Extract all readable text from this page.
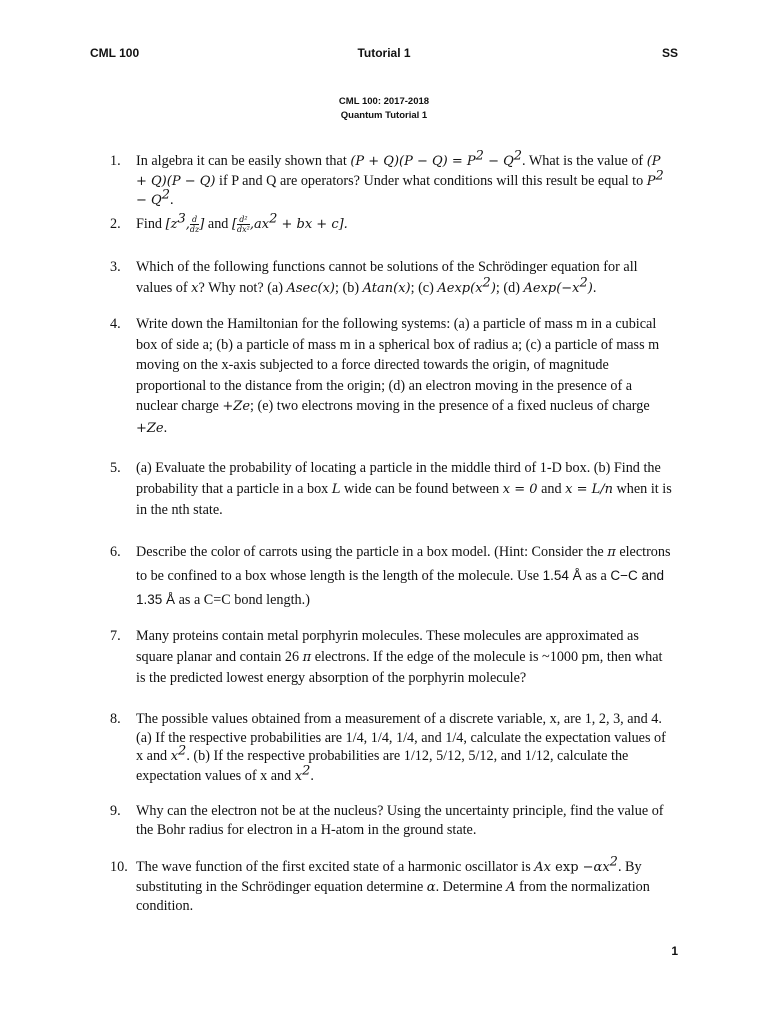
CML 100	Tutorial 1	SS
CML 100: 2017-2018
Quantum Tutorial 1
1. In algebra it can be easily shown that $(P + Q)(P - Q) = P^2 - Q^2$. What is the value of (P + Q)(P − Q) if P and Q are operators? Under what conditions will this result be equal to $P^2 - Q^2$.
2. Find [$z^3$, $\frac{d}{dz}$ ] and [ $\frac{\text{d²}}{\text{dx²}} ,ax^2$ + bx + c].
3. Which of the following functions cannot be solutions of the Schrödinger equation for all values of x? Why not? (a) Asec(x); (b) Atan(x); (c) $Aexp(x^2)$; (d) $Aexp(-x^2)$.
4. Write down the Hamiltonian for the following systems: (a) a particle of mass m in a cubical box of side a; (b) a particle of mass m in a spherical box of radius a; (c) a particle of mass m moving on the x-axis subjected to a force directed towards the origin, of magnitude proportional to the distance from the origin; (d) an electron moving in the presence of a nuclear charge +Ze; (e) two electrons moving in the presence of a fixed nucleus of charge +Ze.
5. (a) Evaluate the probability of locating a particle in the middle third of 1-D box. (b) Find the probability that a particle in a box L wide can be found between x = 0 and x = L/n when it is in the nth state.
6. Describe the color of carrots using the particle in a box model. (Hint: Consider the π electrons to be confined to a box whose length is the length of the molecule. Use 1.54 Å as a C−C and 1.35 Å as a C=C bond length.)
7. Many proteins contain metal porphyrin molecules. These molecules are approximated as square planar and contain 26 π electrons. If the edge of the molecule is ~1000 pm, then what is the predicted lowest energy absorption of the porphyrin molecule?
8. The possible values obtained from a measurement of a discrete variable, x, are 1, 2, 3, and 4. (a) If the respective probabilities are 1/4, 1/4, 1/4, and 1/4, calculate the expectation values of x and $x^2$. (b) If the respective probabilities are 1/12, 5/12, 5/12, and 1/12, calculate the expectation values of x and $x^2$.
9. Why can the electron not be at the nucleus? Using the uncertainty principle, find the value of the Bohr radius for electron in a H-atom in the ground state.
10. The wave function of the first excited state of a harmonic oscillator is Ax $\exp -\alpha x^2$. By substituting in the Schrödinger equation determine α. Determine A from the normalization condition.
1
